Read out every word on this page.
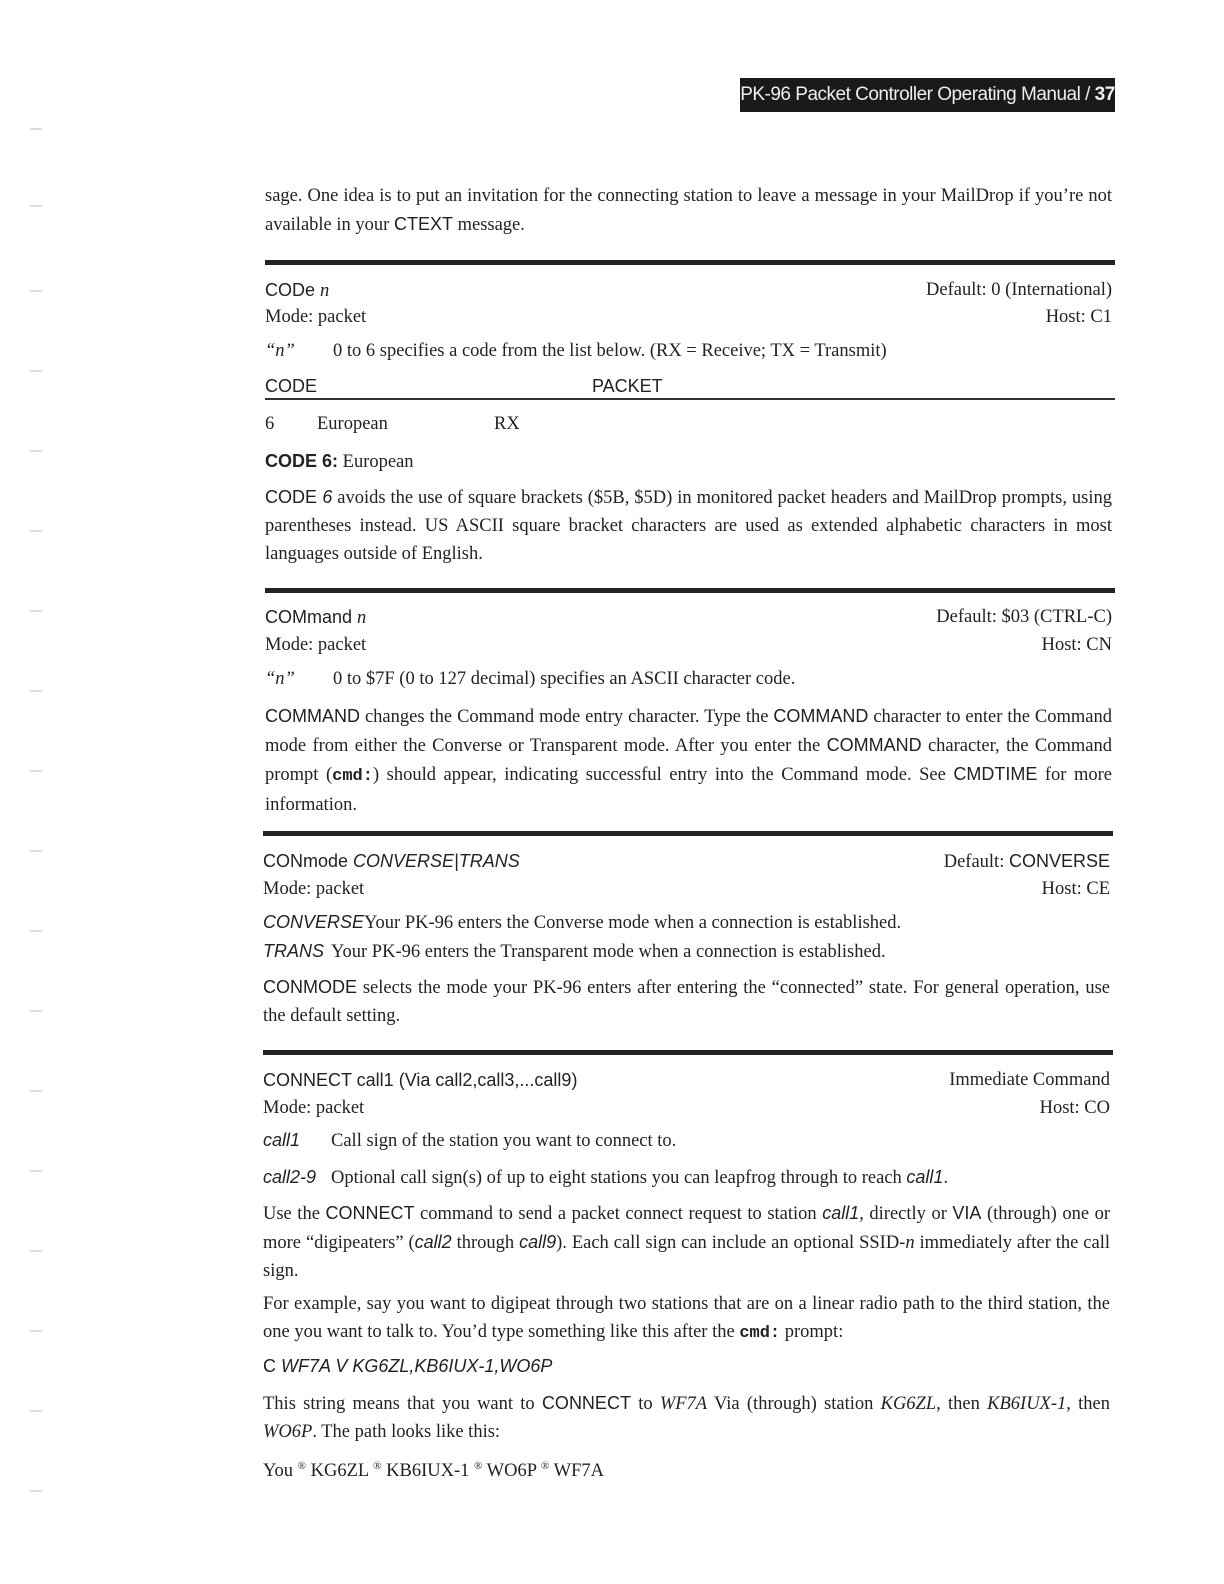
PK-96 Packet Controller Operating Manual / 37
sage. One idea is to put an invitation for the connecting station to leave a message in your MailDrop if you’re not available in your CTEXT message.
CODe n	Default: 0 (International)
Mode: packet	Host: C1
“n” 0 to 6 specifies a code from the list below. (RX = Receive; TX = Transmit)
CODE	PACKET
6 European	RX
CODE 6: European
CODE 6 avoids the use of square brackets ($5B, $5D) in monitored packet headers and MailDrop prompts, using parentheses instead. US ASCII square bracket characters are used as extended alphabetic characters in most languages outside of English.
COMmand n	Default: $03 (CTRL-C)
Mode: packet	Host: CN
“n” 0 to $7F (0 to 127 decimal) specifies an ASCII character code.
COMMAND changes the Command mode entry character. Type the COMMAND character to enter the Command mode from either the Converse or Transparent mode. After you enter the COMMAND character, the Command prompt (cmd:) should appear, indicating successful entry into the Command mode. See CMDTIME for more information.
CONmode CONVERSE|TRANS	Default: CONVERSE
Mode: packet	Host: CE
CONVERSEYour PK-96 enters the Converse mode when a connection is established.
TRANS Your PK-96 enters the Transparent mode when a connection is established.
CONMODE selects the mode your PK-96 enters after entering the “connected” state. For general operation, use the default setting.
CONNECT call1 (Via call2,call3,...call9)	Immediate Command
Mode: packet	Host: CO
call1 Call sign of the station you want to connect to.
call2-9 Optional call sign(s) of up to eight stations you can leapfrog through to reach call1.
Use the CONNECT command to send a packet connect request to station call1, directly or VIA (through) one or more “digipeaters” (call2 through call9). Each call sign can include an optional SSID-n immediately after the call sign.
For example, say you want to digipeat through two stations that are on a linear radio path to the third station, the one you want to talk to. You’d type something like this after the cmd: prompt:
C WF7A V KG6ZL,KB6IUX-1,WO6P
This string means that you want to CONNECT to WF7A Via (through) station KG6ZL, then KB6IUX-1, then WO6P. The path looks like this:
You ® KG6ZL ® KB6IUX-1 ® WO6P ® WF7A
